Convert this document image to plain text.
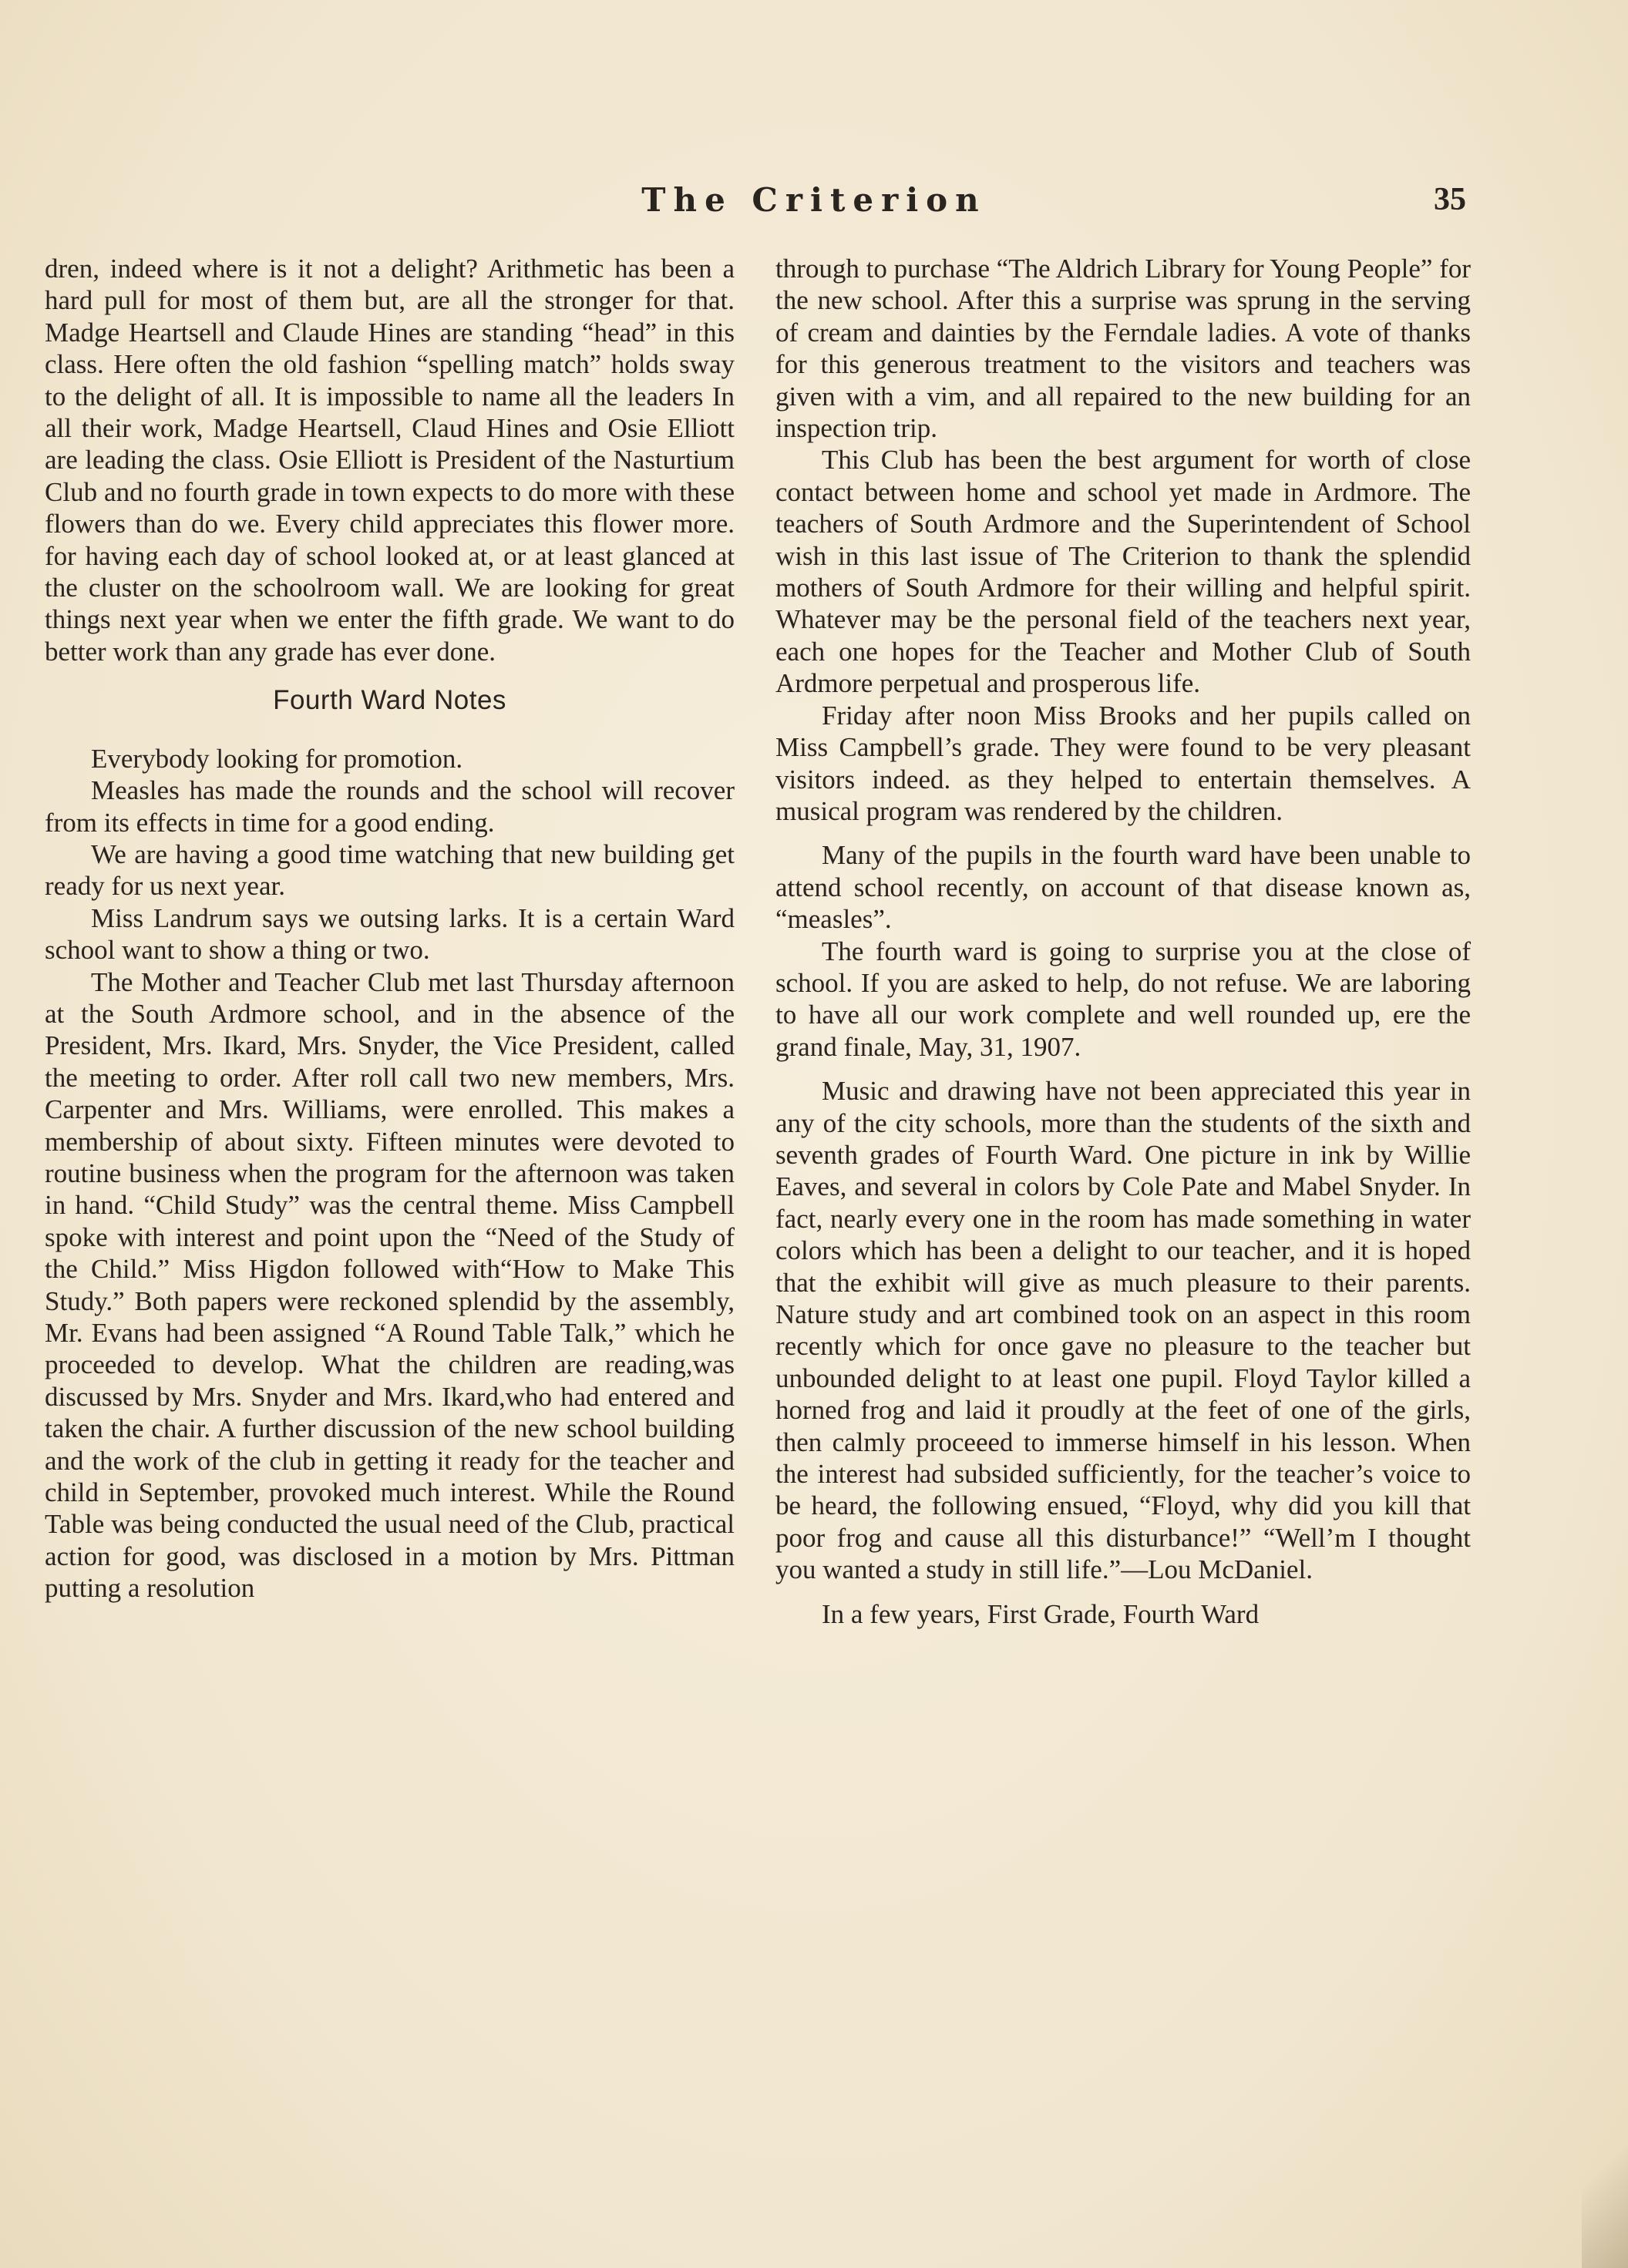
The Criterion	35

dren, indeed where is it not a delight? Arithmetic has been a hard pull for most of them but, are all the stronger for that. Madge Heartsell and Claude Hines are standing “head” in this class. Here often the old fashion “spelling match” holds sway to the delight of all. It is impossible to name all the leaders In all their work, Madge Heartsell, Claud Hines and Osie Elliott are leading the class. Osie Elliott is President of the Nasturtium Club and no fourth grade in town expects to do more with these flowers than do we. Every child appreciates this flower more. for having each day of school looked at, or at least glanced at the cluster on the schoolroom wall. We are looking for great things next year when we enter the fifth grade. We want to do better work than any grade has ever done.

Fourth Ward Notes

Everybody looking for promotion.

Measles has made the rounds and the school will recover from its effects in time for a good ending.

We are having a good time watching that new building get ready for us next year.

Miss Landrum says we outsing larks. It is a certain Ward school want to show a thing or two.

The Mother and Teacher Club met last Thursday afternoon at the South Ardmore school, and in the absence of the President, Mrs. Ikard, Mrs. Snyder, the Vice President, called the meeting to order. After roll call two new members, Mrs. Carpenter and Mrs. Williams, were enrolled. This makes a membership of about sixty. Fifteen minutes were devoted to routine business when the program for the afternoon was taken in hand. “Child Study” was the central theme. Miss Campbell spoke with interest and point upon the “Need of the Study of the Child.” Miss Higdon followed with“How to Make This Study.” Both papers were reckoned splendid by the assembly, Mr. Evans had been assigned “A Round Table Talk,” which he proceeded to develop. What the children are reading,was discussed by Mrs. Snyder and Mrs. Ikard,who had entered and taken the chair. A further discussion of the new school building and the work of the club in getting it ready for the teacher and child in September, provoked much interest. While the Round Table was being conducted the usual need of the Club, practical action for good, was disclosed in a motion by Mrs. Pittman putting a resolution

through to purchase “The Aldrich Library for Young People” for the new school. After this a surprise was sprung in the serving of cream and dainties by the Ferndale ladies. A vote of thanks for this generous treatment to the visitors and teachers was given with a vim, and all repaired to the new building for an inspection trip.

This Club has been the best argument for worth of close contact between home and school yet made in Ardmore. The teachers of South Ardmore and the Superintendent of School wish in this last issue of The Criterion to thank the splendid mothers of South Ardmore for their willing and helpful spirit. Whatever may be the personal field of the teachers next year, each one hopes for the Teacher and Mother Club of South Ardmore perpetual and prosperous life.

Friday after noon Miss Brooks and her pupils called on Miss Campbell’s grade. They were found to be very pleasant visitors indeed. as they helped to entertain themselves. A musical program was rendered by the children.

Many of the pupils in the fourth ward have been unable to attend school recently, on account of that disease known as, “measles”.

The fourth ward is going to surprise you at the close of school. If you are asked to help, do not refuse. We are laboring to have all our work complete and well rounded up, ere the grand finale, May, 31, 1907.

Music and drawing have not been appreciated this year in any of the city schools, more than the students of the sixth and seventh grades of Fourth Ward. One picture in ink by Willie Eaves, and several in colors by Cole Pate and Mabel Snyder. In fact, nearly every one in the room has made something in water colors which has been a delight to our teacher, and it is hoped that the exhibit will give as much pleasure to their parents. Nature study and art combined took on an aspect in this room recently which for once gave no pleasure to the teacher but unbounded delight to at least one pupil. Floyd Taylor killed a horned frog and laid it proudly at the feet of one of the girls, then calmly proceeed to immerse himself in his lesson. When the interest had subsided sufficiently, for the teacher’s voice to be heard, the following ensued, “Floyd, why did you kill that poor frog and cause all this disturbance!” “Well’m I thought you wanted a study in still life.”—Lou McDaniel.

In a few years, First Grade, Fourth Ward
